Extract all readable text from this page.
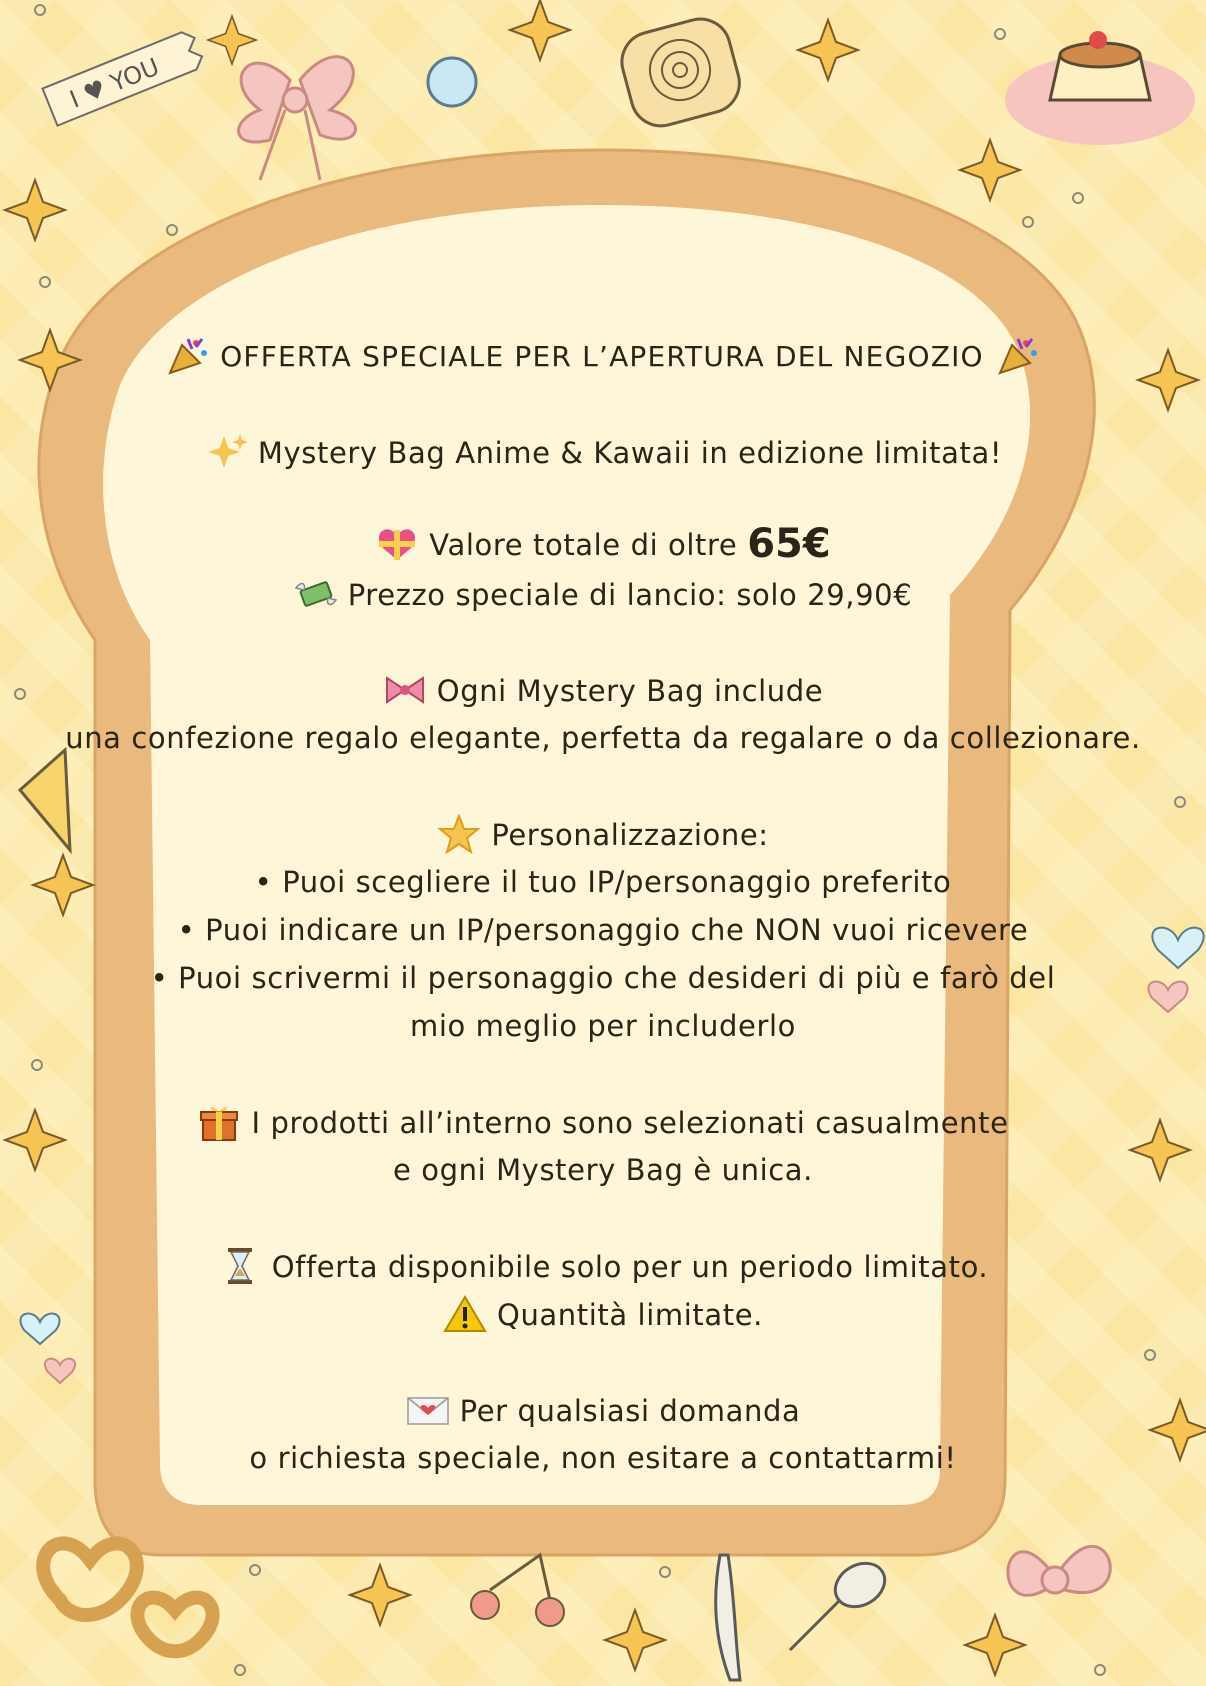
I ♥ YOU
OFFERTA SPECIALE PER L’APERTURA DEL NEGOZIO
Mystery Bag Anime & Kawaii in edizione limitata!
Valore totale di oltre 65€
Prezzo speciale di lancio: solo 29,90€
Ogni Mystery Bag include
una confezione regalo elegante, perfetta da regalare o da collezionare.
Personalizzazione:
• Puoi scegliere il tuo IP/personaggio preferito
• Puoi indicare un IP/personaggio che NON vuoi ricevere
• Puoi scrivermi il personaggio che desideri di più e farò del
mio meglio per includerlo
I prodotti all’interno sono selezionati casualmente
e ogni Mystery Bag è unica.
Offerta disponibile solo per un periodo limitato.
Quantità limitate.
Per qualsiasi domanda
o richiesta speciale, non esitare a contattarmi!
